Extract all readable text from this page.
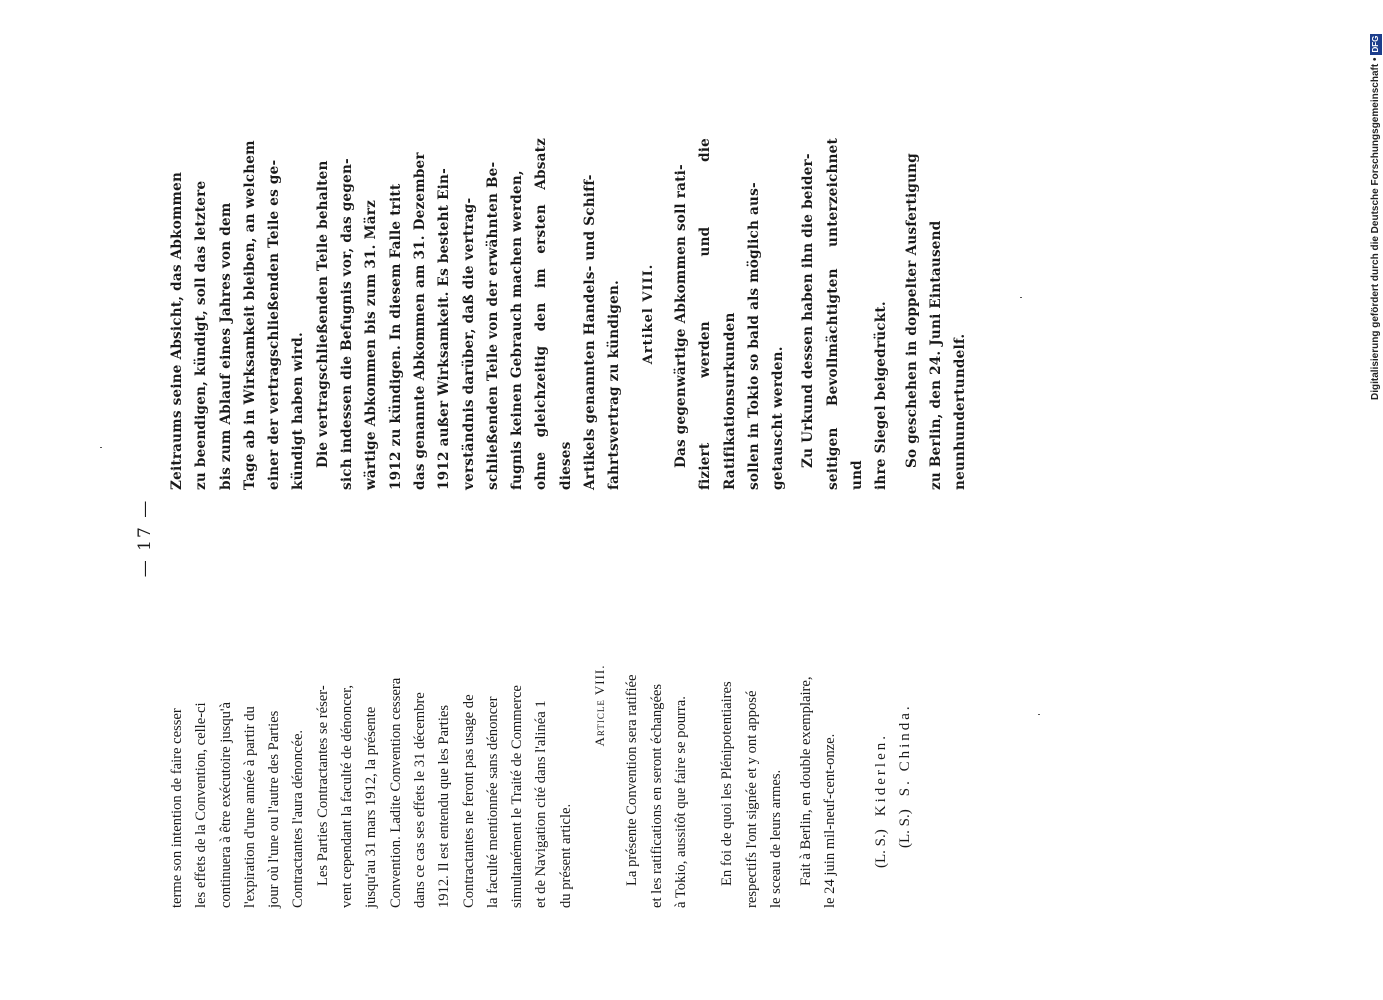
— 17 —

terme son intention de faire cesser les effets de la Convention, celle-ci continuera à être exécutoire jusqu'à l'expiration d'une année à partir du jour où l'une ou l'autre des Parties Contractantes l'aura dénoncée. Les Parties Contractantes se réser- vent cependant la faculté de dénoncer, jusqu'au 31 mars 1912, la présente Convention. Ladite Convention cessera dans ce cas ses effets le 31 décembre 1912. Il est entendu que les Parties Contractantes ne feront pas usage de la faculté mentionnée sans dénoncer simultanément le Traité de Commerce et de Navigation cité dans l'alinéa 1 du présent article.

Article VIII.	La présente Convention sera ratifiée et les ratifications en seront échangées à Tokio, aussitôt que faire se pourra. En foi de quoi les Plénipotentiaires respectifs l'ont signée et y ont apposé le sceau de leurs armes. Fait à Berlin, en double exemplaire, le 24 juin mil-neuf-cent-onze. (L. S.) Kiderlen.
(L. S.) S. Chinda.

Zeitraums seine Absicht, das Abkommen zu beendigen, kündigt, soll das letztere bis zum Ablauf eines Jahres von dem Tage ab in Wirksamkeit bleiben, an welchem einer der vertragschließenden Teile es ge- kündigt haben wird. Die vertragschließenden Teile behalten sich indessen die Befugnis vor, das gegen- wärtige Abkommen bis zum 31. März 1912 zu kündigen. In diesem Falle tritt das genannte Abkommen am 31. Dezember 1912 außer Wirksamkeit. Es besteht Ein- verständnis darüber, daß die vertrag- schließenden Teile von der erwähnten Be- fugnis keinen Gebrauch machen werden, ohne gleichzeitig den im ersten Absatz dieses Artikels genannten Handels- und Schiff- fahrtsvertrag zu kündigen.	Artikel VIII.	Das gegenwärtige Abkommen soll rati- fiziert werden und die Ratifikationsurkunden sollen in Tokio so bald als möglich aus- getauscht werden.	Zu Urkund dessen haben ihn die beider- seitigen Bevollmächtigten unterzeichnet und ihre Siegel beigedrückt.	So geschehen in doppelter Ausfertigung zu Berlin, den 24. Juni Eintausend neunhundertundelf.

Digitalisierung gefördert durch die Deutsche Forschungsgemeinschaft •DFG
